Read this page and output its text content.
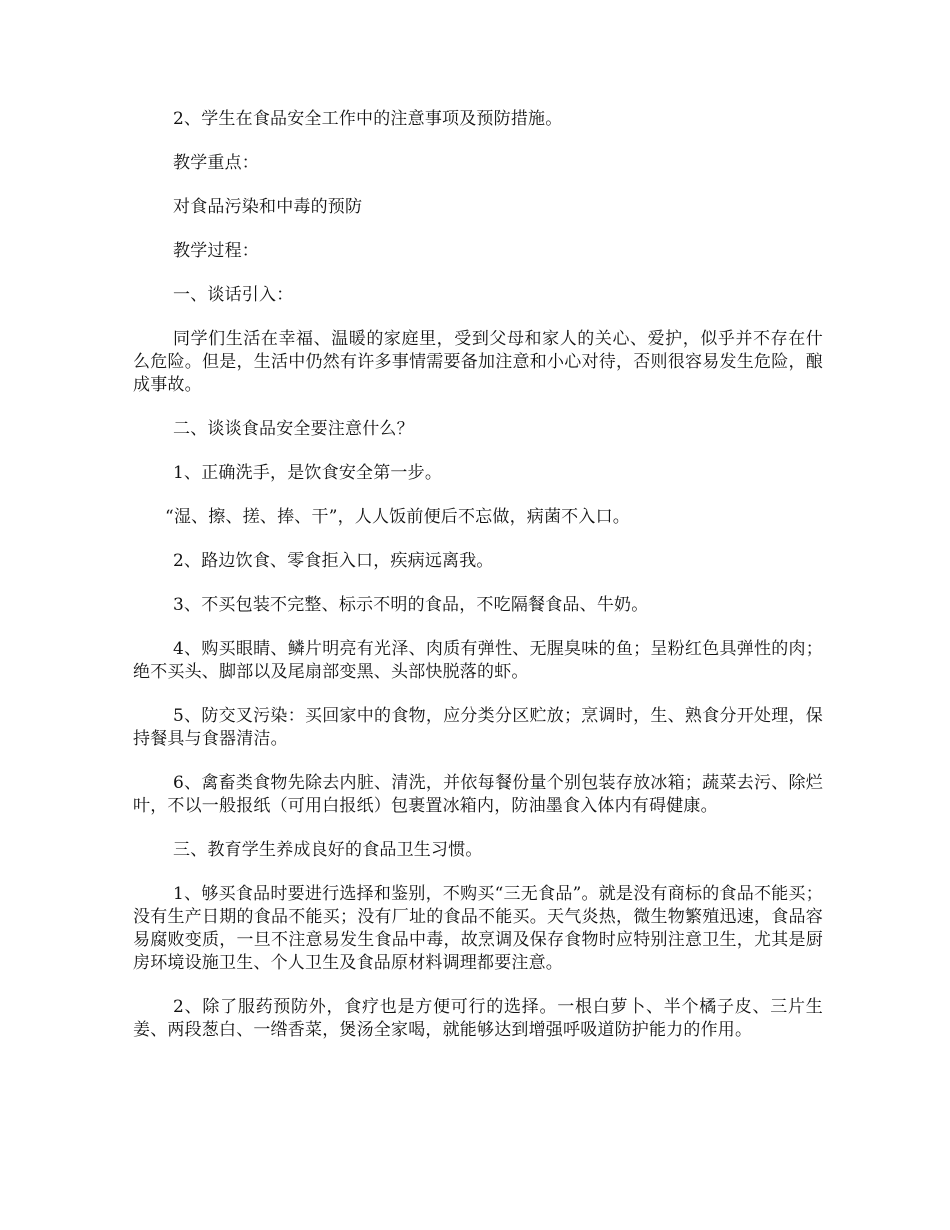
2、学生在食品安全工作中的注意事项及预防措施。

教学重点：

对食品污染和中毒的预防

教学过程：

一、谈话引入：

同学们生活在幸福、温暖的家庭里，受到父母和家人的关心、爱护，似乎并不存在什么危险。但是，生活中仍然有许多事情需要备加注意和小心对待，否则很容易发生危险，酿成事故。

二、谈谈食品安全要注意什么？

1、正确洗手，是饮食安全第一步。

“湿、擦、搓、捧、干”，人人饭前便后不忘做，病菌不入口。

2、路边饮食、零食拒入口，疾病远离我。

3、不买包装不完整、标示不明的食品，不吃隔餐食品、牛奶。

4、购买眼睛、鳞片明亮有光泽、肉质有弹性、无腥臭味的鱼；呈粉红色具弹性的肉；绝不买头、脚部以及尾扇部变黑、头部快脱落的虾。

5、防交叉污染：买回家中的食物，应分类分区贮放；烹调时，生、熟食分开处理，保持餐具与食器清洁。

6、禽畜类食物先除去内脏、清洗，并依每餐份量个别包装存放冰箱；蔬菜去污、除烂叶，不以一般报纸（可用白报纸）包裹置冰箱内，防油墨食入体内有碍健康。

三、教育学生养成良好的食品卫生习惯。

1、够买食品时要进行选择和鉴别，不购买“三无食品”。就是没有商标的食品不能买；没有生产日期的食品不能买；没有厂址的食品不能买。天气炎热，微生物繁殖迅速，食品容易腐败变质，一旦不注意易发生食品中毒，故烹调及保存食物时应特别注意卫生，尤其是厨房环境设施卫生、个人卫生及食品原材料调理都要注意。

2、除了服药预防外，食疗也是方便可行的选择。一根白萝卜、半个橘子皮、三片生姜、两段葱白、一绺香菜，煲汤全家喝，就能够达到增强呼吸道防护能力的作用。
